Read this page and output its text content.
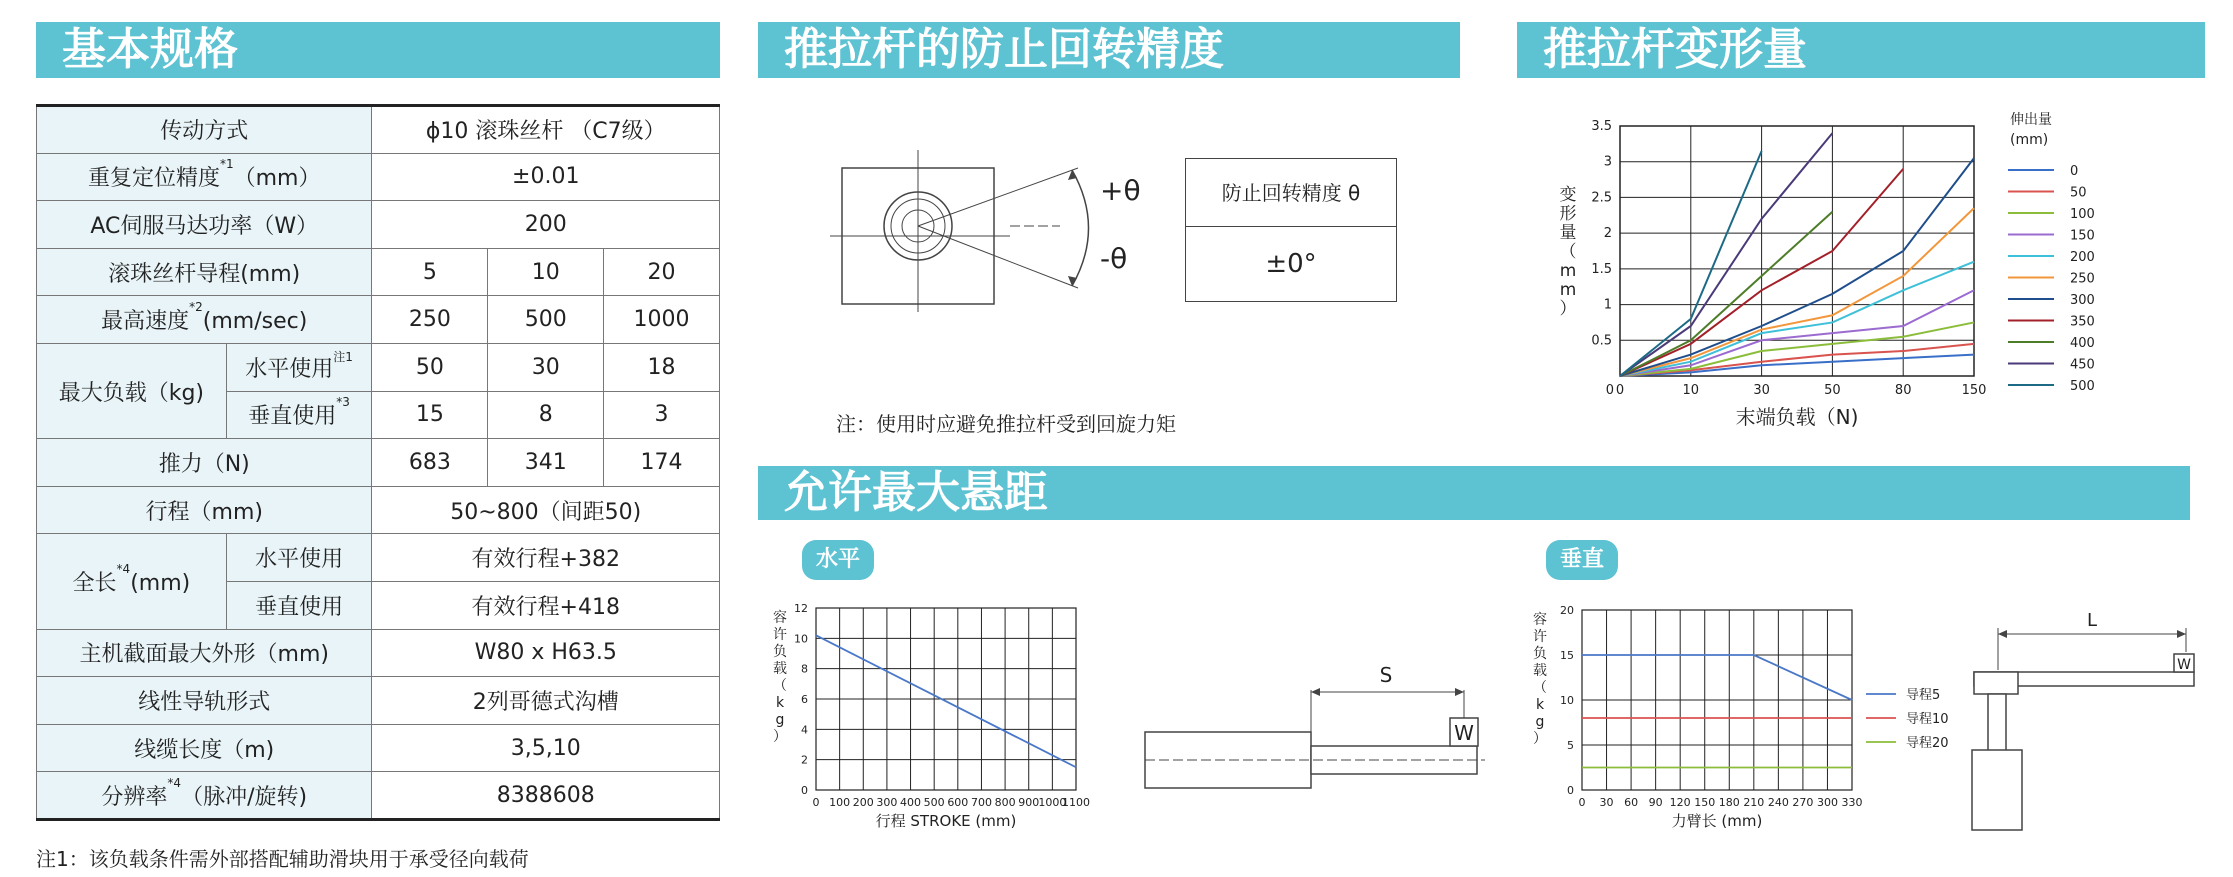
基本规格	推拉杆的防止回转精度	推拉杆变形量
允许最大悬距
传动方式		ϕ10 滚珠丝杆 （C7级）		
重复定位精度$^{*1}$（mm）		±0.01		
AC伺服马达功率（W）		200		
滚珠丝杆导程(mm)		5	10	20
最高速度$^{*2}$(mm/sec)		250	500	1000
最大负载（kg)	水平使用$^{注1}$	50	30	18
	垂直使用$^{*3}$	15	8	3
推力（N)		683	341	174
行程（mm)		50~800（间距50)		
全长$^{*4}$(mm)	水平使用	有效行程+382		
	垂直使用	有效行程+418		
主机截面最大外形（mm)		W80 x H63.5		
线性导轨形式		2列哥德式沟槽		
线缆长度（m)		3,5,10		
分辨率$^{*4}$（脉冲/旋转)		8388608		
注1：该负载条件需外部搭配辅助滑块用于承受径向载荷
+θ
-θ
防止回转精度 θ
±0°
注：使用时应避免推拉杆受到回旋力矩
0	10	30	50	80	150
0.5
1
1.5
2
2.5
3
3.5
0
变
形
量
（
m
m
）
末端负载（N)
伸出量
(mm)
0
50
100
150
200
250
300
350
400
450
500
水平
0 100 200 300 400 500 600 700 800 900 1000
1100
0
2
4
6
8
10
12
容
许
负
载
（
k
g
）
行程 STROKE (mm)
W
S
垂直
0 30 60 90 120 150 180 210 240 270 300 330
0
5
10
15
20
容
许
负
载
（
k
g
）
力臂长 (mm)
导程5
导程10
导程20
L
W
